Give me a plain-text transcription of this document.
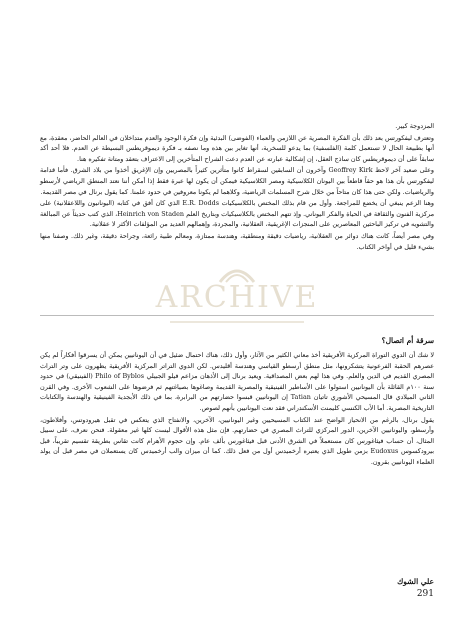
المزدوجة كبير.

وتعترف ليفكورتس بعد ذلك بأن الفكرة المصرية عن اللازمن والعماء (الفوضى) البدئية وإن فكرة الوجود والعدم متداخلان في العالم الحاضر، معقدة، مع أنها بطبيعة الحال لا تستعمل كلمة (الفلسفية) بما يدعو للسخرية، أنها تغاير بين هذه وما نصفه بـ فكرة ديموقريطس البسيطة عن العدم. فلا أحد أكد سابقاً على أن ديموقريطس كان ساذج العقل، إن إشكالية عبارته عن العدم دعت الشراح المتأخرين إلى الاعتراف بتعقد ومتانة تفكيره هنا.

وعلى صعيد آخر لاحظ Geoffrey Kirk وآخرون أن السابقين لسقراط كانوا متأثرين كثيراً بالمصريين وإن الإغريق أخذوا من بلاد الشرق. فأما قدامة ليفكورتس بأن هذا هو حقاً قاطعاً بين اليونان الكلاسيكية ومصر الكلاسيكية فيمكن أن يكون لها عبرة فقط إذا أمكن أننا نعتد المنطق الرياضي لأرسطو والرياضيات. ولكن حتى هذا كان متاحاً من خلال شرح المسلمات الرياضية، وكلاهما لم يكونا معروفين في حدود علمنا. كما يقول برنال في مصر القديمة.

وهنا الزعم ينبغي أن يخضع للمراجعة. وأول من قام بذلك المختص بالكلاسيكيات E.R. Dodds الذي كان أفق في كتابه (اليونانيون واللاعقلانية) على مركزية الفنون والثقافة في الحياة والفكر اليوناني. وإذ تتهم المختص بالكلاسيكيات وبتاريخ العلم Heinrich von Staden، الذي كتب حديثاً عن المبالغة والتشويه في تركيز الباحثين المعاصرين على المنجزات الإغريقية، العقلانية، والمجردة، وإهمالهم العديد من المؤلفات الأكثر لا عقلانية.

وفي مصر أيضاً، كانت هناك دوائر من العقلانية، رياضيات دقيقة ومنطقية، وهندسة ممتازة، ومعالم طبية رائعة، وجراحة دقيقة، وغير ذلك. وصفنا منها بشيء قليل في أواخر الكتاب.

ARCHIVE
سرقة أم اتصال؟

لا شك أن الدوي التوراة المركزية الأفريقية أخذ معاني الكثير من الآثار، وأول ذلك، هناك احتمال ضئيل في أن اليونانيين يمكن أن يسرقوا أفكاراً لم يكن عصرهم الحقبة الفرعونية يتشكرونها، مثل منطق أرسطو القياسي وهندسة أقليدس. لكن الدوي التراتر المركزية الأفريقية يظهرون على وتر التراث المصري القديم في الدين والعلم. وفي هذا لهم بعض المصداقية. ويعيد برنال إلى الأذهان مزاعم فيلو الجبيلي Philo of Byblos (الفينيقي) في حدود سنة ١٠٠م القائلة بأن اليونانيين استولوا على الأساطير الفينيقية والمصرية القديمة وصاغوها بصياغتهم ثم فرضوها على الشعوب الأخرى. وفي القرن الثاني الميلادي قال المسيحي الأشوري تاتيان Tatian إن اليونانيين قبسوا حضارتهم من البرابرة، بما في ذلك الأبجدية الفينيقية والهندسة والكتابات التاريخية المصرية. أما الأب الكنسي كليمنت الأسكندراني فقد نعت اليونانيين بأنهم لصوص.

يقول برنال، بالرغم من الانحياز الواضح عند الكتاب المسيحيين وغير اليونانيين، الآخرين، والانفتاح الذي يتعكس في تقبل هيرودوتس، وأفلاطون، وأرسطو، واليونانيين الآخرين، الدور المركزي للتراث المصري في حضارتهم. فإن مثل هذه الأقوال ليست كلها غير معقولة. فنحن نعرف، على سبيل المثال، أن حساب فيثاغورس كان مستعملاً في الشرق الأدنى قبل فيثاغورس بألف عام. وإن حجوم الأهرام كانت تقاس بطريقة تقسيم تقريباً، قبل بيرودكسوس Eudoxus بزمن طويل الذي يعتبره أرخميدس أول من فعل ذلك. كما أن ميزان والب أرخميدس كان يستعملان في مصر قبل أن يولد العلماء اليونانيين بقرون.

علي الشوك
291
